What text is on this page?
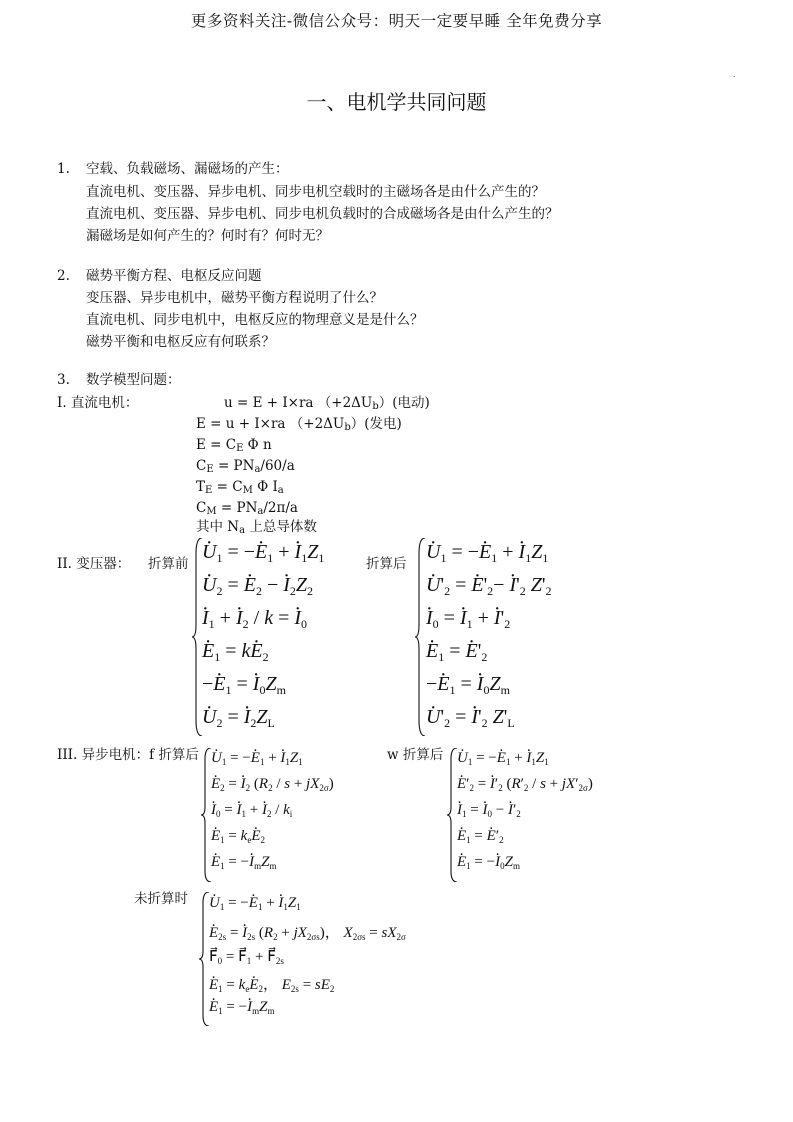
更多资料关注-微信公众号：明天一定要早睡 全年免费分享
.
一、电机学共同问题
1. 空载、负载磁场、漏磁场的产生：
直流电机、变压器、异步电机、同步电机空载时的主磁场各是由什么产生的？
直流电机、变压器、异步电机、同步电机负载时的合成磁场各是由什么产生的？
漏磁场是如何产生的？何时有？何时无？
2. 磁势平衡方程、电枢反应问题
变压器、异步电机中，磁势平衡方程说明了什么？
直流电机、同步电机中，电枢反应的物理意义是是什么？
磁势平衡和电枢反应有何联系？
3. 数学模型问题：
I. 直流电机：	u = E + I×ra $(+2\Delta U_b)$(电动)
E = u + I×ra $(+2\Delta U_b)$(发电)
$E = C_E$ Φ n
$C_E = PN_a/60/a$
$T_E = C_M$ Φ $I_a$
$C_M = PN_a/2\pi/a$
其中 $N_a$ 上总导体数
II. 变压器： 折算前	折算后
· $U_1$ = −· $E_1$ + · $I_1Z_1$
· $U_2$ = · $E_2$ − · $I_2Z_2$
· $I_1$ + · $I_2$ / k = · $I_0$
· $E_1 = k\cdot E_2$
−· $E_1$ = · $I_0Z_m$
· $U_2$ = · $I_2Z_L$
· $U_1$ = −· $E_1$ + · $I_1Z_1$
· $U'_2$ = · $E'_2- \cdot I'_2$ $Z'_2$
· $I_0$ = · $I_1$ + · $I'_2$
· $E_1$ = · $E'_2$
−· $E_1$ = · $I_0Z_m$
· $U'_2$ = · $I'_2$ $Z'_L$
III. 异步电机：f 折算后	w 折算后
· $U_1$ = −· $E_1$ + · $I_1Z_1$
· $E_2$ = · $I_2$ $(R_2 / s + jX_{2\sigma})$
· $I_0$ = · $I_1$ + · $I_2 / k_i$
· $E_1 = k_e\cdot E_2$
· $E_1$ = −· $I_mZ_m$
· $U_1$ = −· $E_1$ + · $I_1Z_1$
· $E'_2$ = · $I'_2$ $(R'_2 / s + jX'_{2\sigma})$
· $I_1$ = · $I_0$ − · $I'_2$
· $E_1$ = · $E'_2$
· $E_1$ = −· $I_0Z_m$
未折算时 · $U_1$ = −· $E_1$ + · $I_1Z_1$
· $E_{2s}$ = · $I_{2s}$ $(R_2 + jX_{2\sigma s})$， $X_{2\sigma s} = sX_{2\sigma}$
$F⃗_0$ = $F⃗_1$ + $F⃗_{2s}$
· $E_1 = k_e\cdot E_2$， $E_{2s} = sE_2$
· $E_1$ = −· $I_mZ_m$
